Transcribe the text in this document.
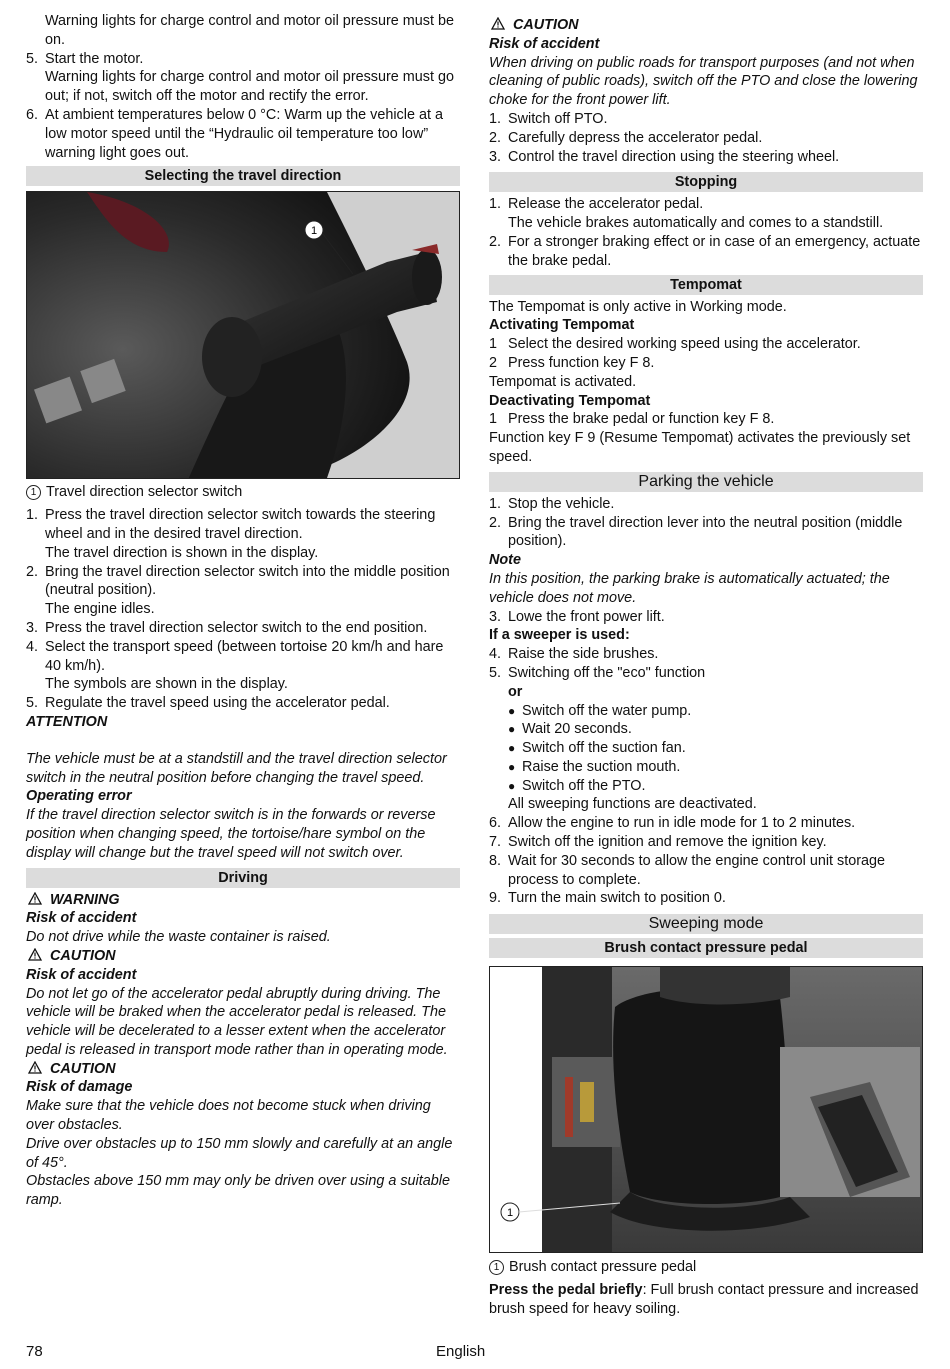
Warning lights for charge control and motor oil pressure must be on.

5. Start the motor.
Warning lights for charge control and motor oil pressure must go out; if not, switch off the motor and rectify the error.
6. At ambient temperatures below 0 °C: Warm up the vehicle at a low motor speed until the “Hydraulic oil temperature too low” warning light goes out.
Selecting the travel direction
1

1 Travel direction selector switch

1. Press the travel direction selector switch towards the steering wheel and in the desired travel direction.
The travel direction is shown in the display.
2. Bring the travel direction selector switch into the middle position (neutral position).
The engine idles.
3. Press the travel direction selector switch to the end position.
4. Select the transport speed (between tortoise 20 km/h and hare 40 km/h).
The symbols are shown in the display.
5. Regulate the travel speed using the accelerator pedal.

ATTENTION

The vehicle must be at a standstill and the travel direction selector switch in the neutral position before changing the travel speed.

Operating error

If the travel direction selector switch is in the forwards or reverse position when changing speed, the tortoise/hare symbol on the display will change but the travel speed will not switch over.

Driving

WARNING

Risk of accident

Do not drive while the waste container is raised.

CAUTION

Risk of accident

Do not let go of the accelerator pedal abruptly during driving. The vehicle will be braked when the accelerator pedal is released. The vehicle will be decelerated to a lesser extent when the accelerator pedal is released in transport mode rather than in operating mode.

CAUTION

Risk of damage

Make sure that the vehicle does not become stuck when driving over obstacles.

Drive over obstacles up to 150 mm slowly and carefully at an angle of 45°.

Obstacles above 150 mm may only be driven over using a suitable ramp.

CAUTION

Risk of accident

When driving on public roads for transport purposes (and not when cleaning of public roads), switch off the PTO and close the lowering choke for the front power lift.

1. Switch off PTO.
2. Carefully depress the accelerator pedal.
3. Control the travel direction using the steering wheel.
Stopping
1. Release the accelerator pedal.
The vehicle brakes automatically and comes to a standstill.
2. For a stronger braking effect or in case of an emergency, actuate the brake pedal.
Tempomat

The Tempomat is only active in Working mode.

Activating Tempomat

1 Select the desired working speed using the accelerator.
2 Press function key F 8.

Tempomat is activated.

Deactivating Tempomat

1 Press the brake pedal or function key F 8.

Function key F 9 (Resume Tempomat) activates the previously set speed.

Parking the vehicle
1. Stop the vehicle.
2. Bring the travel direction lever into the neutral position (middle position).

Note

In this position, the parking brake is automatically actuated; the vehicle does not move.

3. Lowe the front power lift.

If a sweeper is used:

4. Raise the side brushes.
5. Switching off the "eco" function

or

● Switch off the water pump.
● Wait 20 seconds.
● Switch off the suction fan.
● Raise the suction mouth.
● Switch off the PTO.

All sweeping functions are deactivated.

6. Allow the engine to run in idle mode for 1 to 2 minutes.
7. Switch off the ignition and remove the ignition key.
8. Wait for 30 seconds to allow the engine control unit storage process to complete.
9. Turn the main switch to position 0.
Sweeping mode
Brush contact pressure pedal
1

1 Brush contact pressure pedal

Press the pedal briefly: Full brush contact pressure and increased brush speed for heavy soiling.

78	English
